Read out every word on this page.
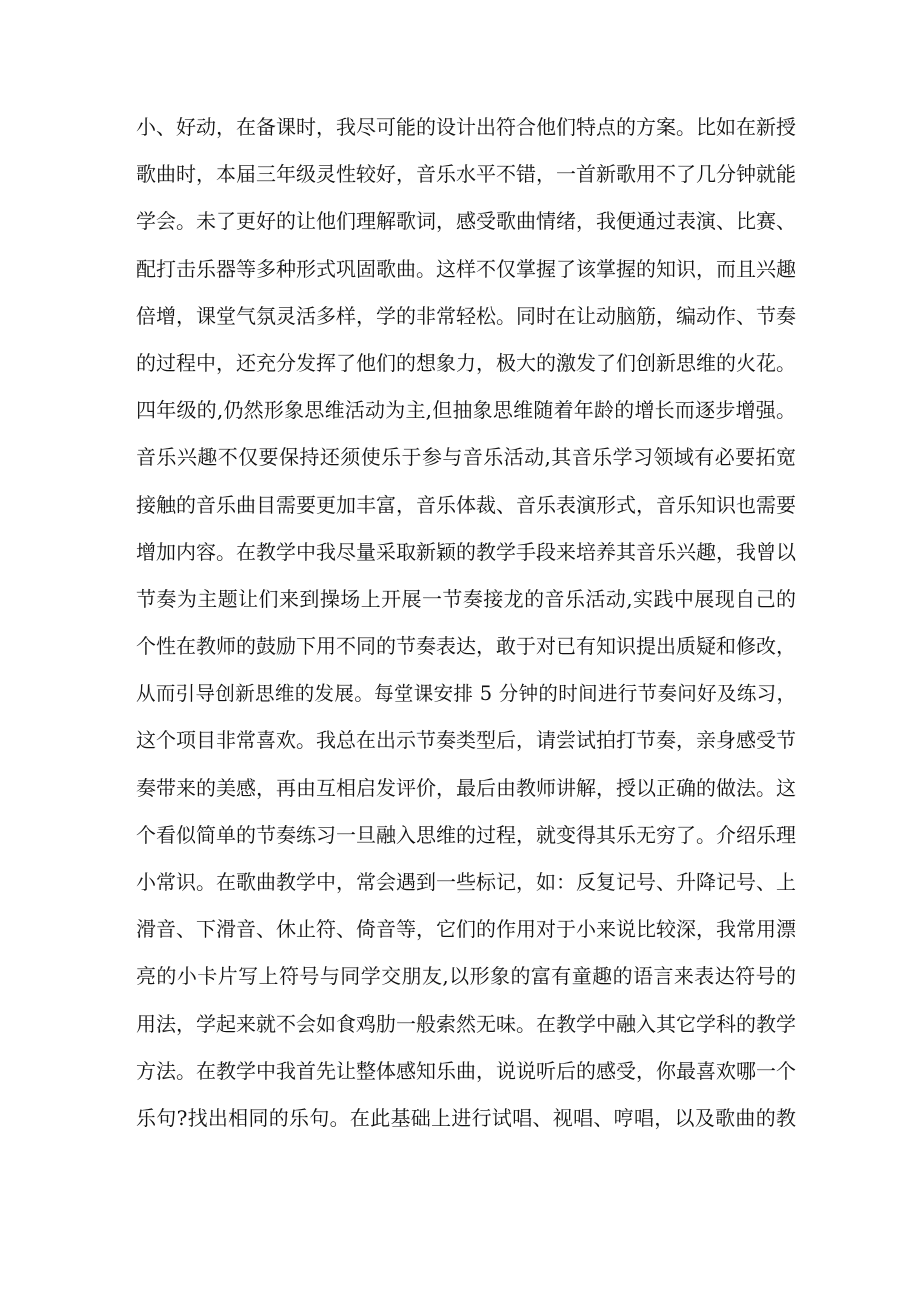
小、好动，在备课时，我尽可能的设计出符合他们特点的方案。比如在新授
歌曲时，本届三年级灵性较好，音乐水平不错，一首新歌用不了几分钟就能
学会。未了更好的让他们理解歌词，感受歌曲情绪，我便通过表演、比赛、
配打击乐器等多种形式巩固歌曲。这样不仅掌握了该掌握的知识，而且兴趣
倍增，课堂气氛灵活多样，学的非常轻松。同时在让动脑筋，编动作、节奏
的过程中，还充分发挥了他们的想象力，极大的激发了们创新思维的火花。
四年级的,仍然形象思维活动为主,但抽象思维随着年龄的增长而逐步增强。
音乐兴趣不仅要保持还须使乐于参与音乐活动,其音乐学习领域有必要拓宽
接触的音乐曲目需要更加丰富，音乐体裁、音乐表演形式，音乐知识也需要
增加内容。在教学中我尽量采取新颖的教学手段来培养其音乐兴趣，我曾以
节奏为主题让们来到操场上开展一节奏接龙的音乐活动,实践中展现自己的
个性在教师的鼓励下用不同的节奏表达，敢于对已有知识提出质疑和修改，
从而引导创新思维的发展。每堂课安排 5 分钟的时间进行节奏问好及练习，
这个项目非常喜欢。我总在出示节奏类型后，请尝试拍打节奏，亲身感受节
奏带来的美感，再由互相启发评价，最后由教师讲解，授以正确的做法。这
个看似简单的节奏练习一旦融入思维的过程，就变得其乐无穷了。介绍乐理
小常识。在歌曲教学中，常会遇到一些标记，如：反复记号、升降记号、上
滑音、下滑音、休止符、倚音等，它们的作用对于小来说比较深，我常用漂
亮的小卡片写上符号与同学交朋友,以形象的富有童趣的语言来表达符号的
用法，学起来就不会如食鸡肋一般索然无味。在教学中融入其它学科的教学
方法。在教学中我首先让整体感知乐曲，说说听后的感受，你最喜欢哪一个
乐句?找出相同的乐句。在此基础上进行试唱、视唱、哼唱，以及歌曲的教
